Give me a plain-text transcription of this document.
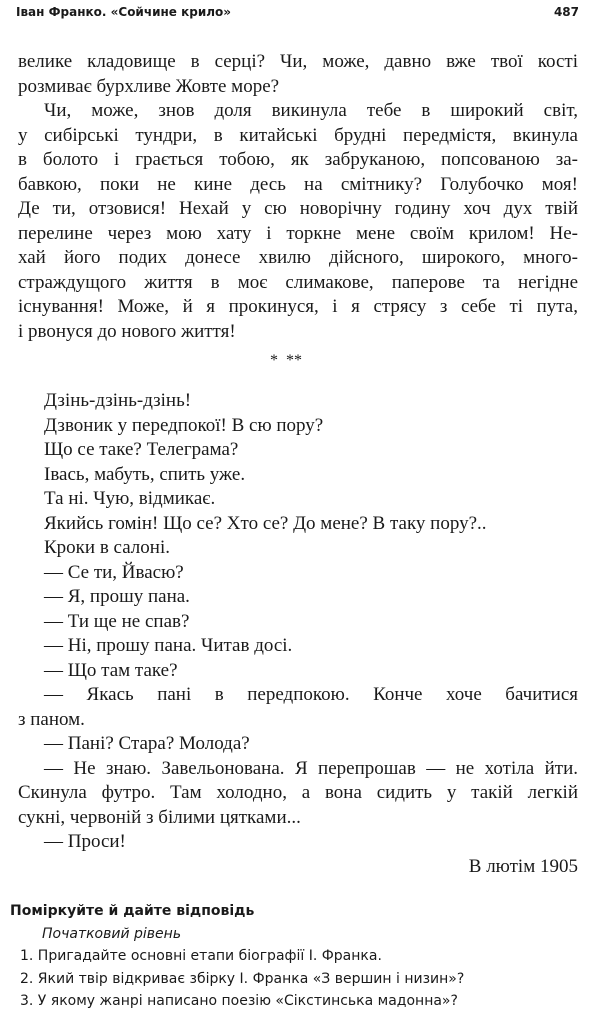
Іван Франко. «Сойчине крило»	487
велике кладовище в серці? Чи, може, давно вже твої кості
розмиває бурхливе Жовте море?
Чи, може, знов доля викинула тебе в широкий світ,
у сибірські тундри, в китайські брудні передмістя, вкинула
в болото і грається тобою, як забруканою, попсованою за-
бавкою, поки не кине десь на смітнику? Голубочко моя!
Де ти, отзовися! Нехай у сю новорічну годину хоч дух твій
перелине через мою хату і торкне мене своїм крилом! Не-
хай його подих донесе хвилю дійсного, широкого, много-
страждущого життя в моє слимакове, паперове та негідне
існування! Може, й я прокинуся, і я стрясу з себе ті пута,
і рвонуся до нового життя!
*  **
Дзінь-дзінь-дзінь!
Дзвоник у передпокої! В сю пору?
Що се таке? Телеграма?
Івась, мабуть, спить уже.
Та ні. Чую, відмикає.
Якийсь гомін! Що се? Хто се? До мене? В таку пору?..
Кроки в салоні.
— Се ти, Йвасю?
— Я, прошу пана.
— Ти ще не спав?
— Ні, прошу пана. Читав досі.
— Що там таке?
— Якась пані в передпокою. Конче хоче бачитися
з паном.
— Пані? Стара? Молода?
— Не знаю. Завельонована. Я перепрошав — не хотіла йти.
Скинула футро. Там холодно, а вона сидить у такій легкій
сукні, червоній з білими цятками...
— Проси!
В лютім 1905
Поміркуйте й дайте відповідь
Початковий рівень
1. Пригадайте основні етапи біографії І. Франка.
2. Який твір відкриває збірку І. Франка «З вершин і низин»?
3. У якому жанрі написано поезію «Сікстинська мадонна»?
